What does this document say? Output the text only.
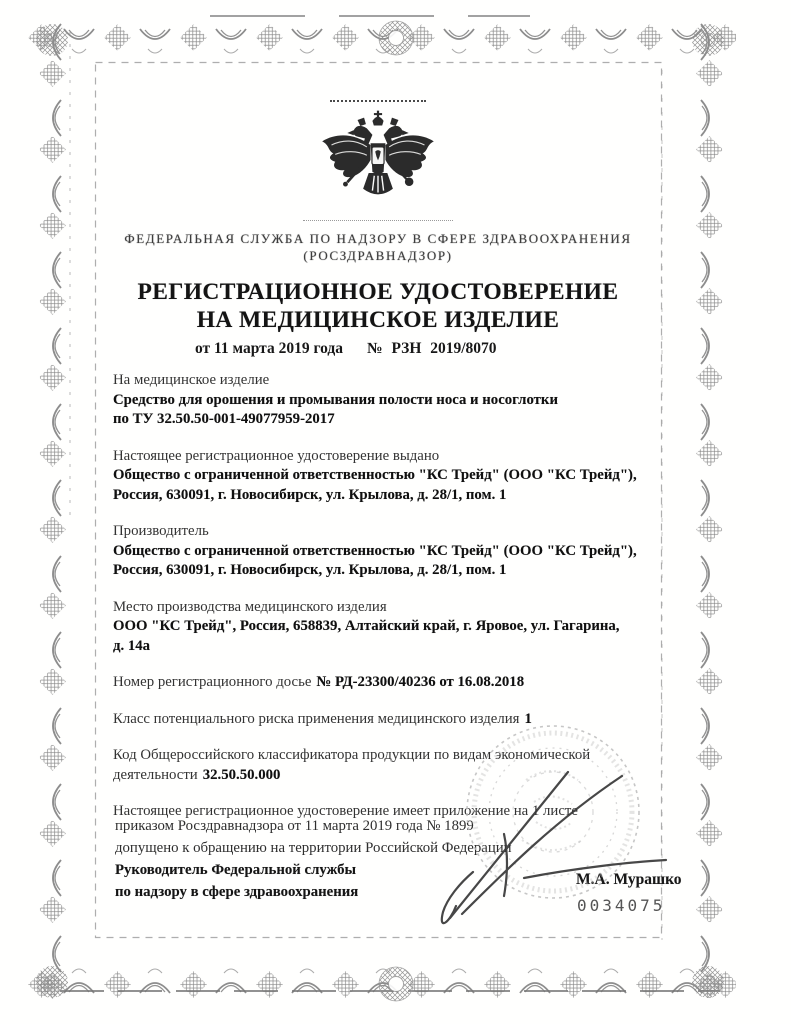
ФЕДЕРАЛЬНАЯ СЛУЖБА ПО НАДЗОРУ В СФЕРЕ ЗДРАВООХРАНЕНИЯ
(РОСЗДРАВНАДЗОР)
РЕГИСТРАЦИОННОЕ УДОСТОВЕРЕНИЕ
НА МЕДИЦИНСКОЕ ИЗДЕЛИЕ
от 11 марта 2019 года № РЗН 2019/8070
На медицинское изделие
Средство для орошения и промывания полости носа и носоглотки
по ТУ 32.50.50-001-49077959-2017
Настоящее регистрационное удостоверение выдано
Общество с ограниченной ответственностью "КС Трейд" (ООО "КС Трейд"),
Россия, 630091, г. Новосибирск, ул. Крылова, д. 28/1, пом. 1
Производитель
Общество с ограниченной ответственностью "КС Трейд" (ООО "КС Трейд"),
Россия, 630091, г. Новосибирск, ул. Крылова, д. 28/1, пом. 1
Место производства медицинского изделия
ООО "КС Трейд", Россия, 658839, Алтайский край, г. Яровое, ул. Гагарина,
д. 14а
Номер регистрационного досье № РД-23300/40236 от 16.08.2018
Класс потенциального риска применения медицинского изделия 1
Код Общероссийского классификатора продукции по видам экономической деятельности 32.50.50.000
Настоящее регистрационное удостоверение имеет приложение на 1 листе
приказом Росздравнадзора от 11 марта 2019 года № 1899
допущено к обращению на территории Российской Федерации
Руководитель Федеральной службы
по надзору в сфере здравоохранения
М.А. Мурашко
0034075
